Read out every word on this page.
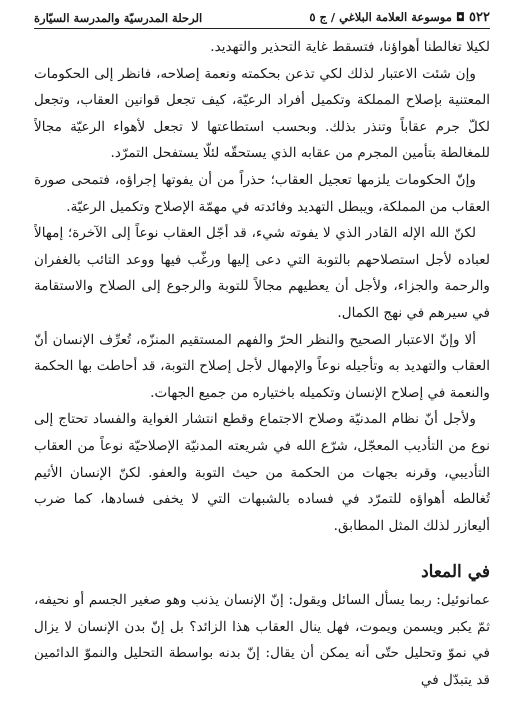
٥٢٢ ◘ موسوعة العلامة البلاغي / ج ٥
الرحلة المدرسيّة والمدرسة السيّارة

لكيلا تغالطنا أهواؤنا، فتسقط غاية التحذير والتهديد.

وإن شئت الاعتبار لذلك لكي تذعن بحكمته ونعمة إصلاحه، فانظر إلى الحكومات المعتنية بإصلاح المملكة وتكميل أفراد الرعيّة، كيف تجعل قوانين العقاب، وتجعل لكلّ جرم عقاباً وتنذر بذلك. وبحسب استطاعتها لا تجعل لأهواء الرعيّة مجالاً للمغالطة بتأمين المجرم من عقابه الذي يستحقّه لئلّا يستفحل التمرّد.

وإنّ الحكومات يلزمها تعجيل العقاب؛ حذراً من أن يفوتها إجراؤه، فتمحى صورة العقاب من المملكة، ويبطل التهديد وفائدته في مهمّة الإصلاح وتكميل الرعيّة.

لكنّ الله الإله القادر الذي لا يفوته شيء، قد أجّل العقاب نوعاً إلى الآخرة؛ إمهالاً لعباده لأجل استصلاحهم بالتوبة التي دعى إليها ورغّب فيها ووعد التائب بالغفران والرحمة والجزاء، ولأجل أن يعطيهم مجالاً للتوبة والرجوع إلى الصلاح والاستقامة في سيرهم في نهج الكمال.

ألا وإنّ الاعتبار الصحيح والنظر الحرّ والفهم المستقيم المنزّه، تُعرِّف الإنسان أنّ العقاب والتهديد به وتأجيله نوعاً والإمهال لأجل إصلاح التوبة، قد أحاطت بها الحكمة والنعمة في إصلاح الإنسان وتكميله باختياره من جميع الجهات.

ولأجل أنّ نظام المدنيّة وصلاح الاجتماع وقطع انتشار الغواية والفساد تحتاج إلى نوع من التأديب المعجّل، شرّع الله في شريعته المدنيّة الإصلاحيّة نوعاً من العقاب التأديبي، وقرنه بجهات من الحكمة من حيث التوبة والعفو. لكنّ الإنسان الأثيم تُغالطه أهواؤه للتمرّد في فساده بالشبهات التي لا يخفى فسادها، كما ضرب أليعازر لذلك المثل المطابق.

في المعاد

عمانوئيل: ربما يسأل السائل ويقول: إنّ الإنسان يذنب وهو صغير الجسم أو نحيفه، ثمّ يكبر ويسمن ويموت، فهل ينال العقاب هذا الزائد؟ بل إنّ بدن الإنسان لا يزال في نموّ وتحليل حتّى أنه يمكن أن يقال: إنّ بدنه بواسطة التحليل والنموّ الدائمين قد يتبدّل في
